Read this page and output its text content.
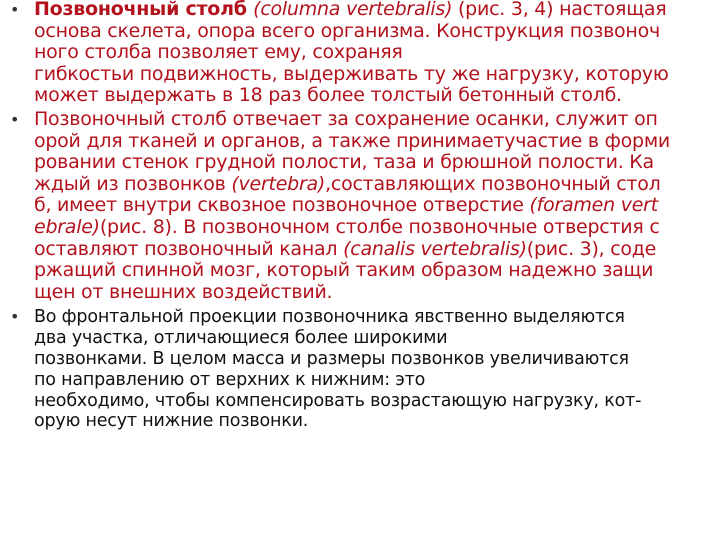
• Позвоночный столб (columna vertebralis) (рис. 3, 4) настоящая
основа скелета, опора всего организма. Конструкция позвоноч
ного столба позволяет ему, сохраняя
гибкостьи подвижность, выдерживать ту же нагрузку, которую
может выдержать в 18 раз более толстый бетонный столб.
• Позвоночный столб отвечает за сохранение осанки, служит оп
орой для тканей и органов, а также принимаетучастие в форми
ровании стенок грудной полости, таза и брюшной полости. Ка
ждый из позвонков (vertebra),составляющих позвоночный стол
б, имеет внутри сквозное позвоночное отверстие (foramen vert
ebrale)(рис. 8). В позвоночном столбе позвоночные отверстия с
оставляют позвоночный канал (canalis vertebralis)(рис. 3), соде
ржащий спинной мозг, который таким образом надежно защи
щен от внешних воздействий.
• Во фронтальной проекции позвоночника явственно выделяются
два участка, отличающиеся более широкими
позвонками. В целом масса и размеры позвонков увеличиваются
по направлению от верхних к нижним: это
необходимо, чтобы компенсировать возрастающую нагрузку, кот-
орую несут нижние позвонки.
